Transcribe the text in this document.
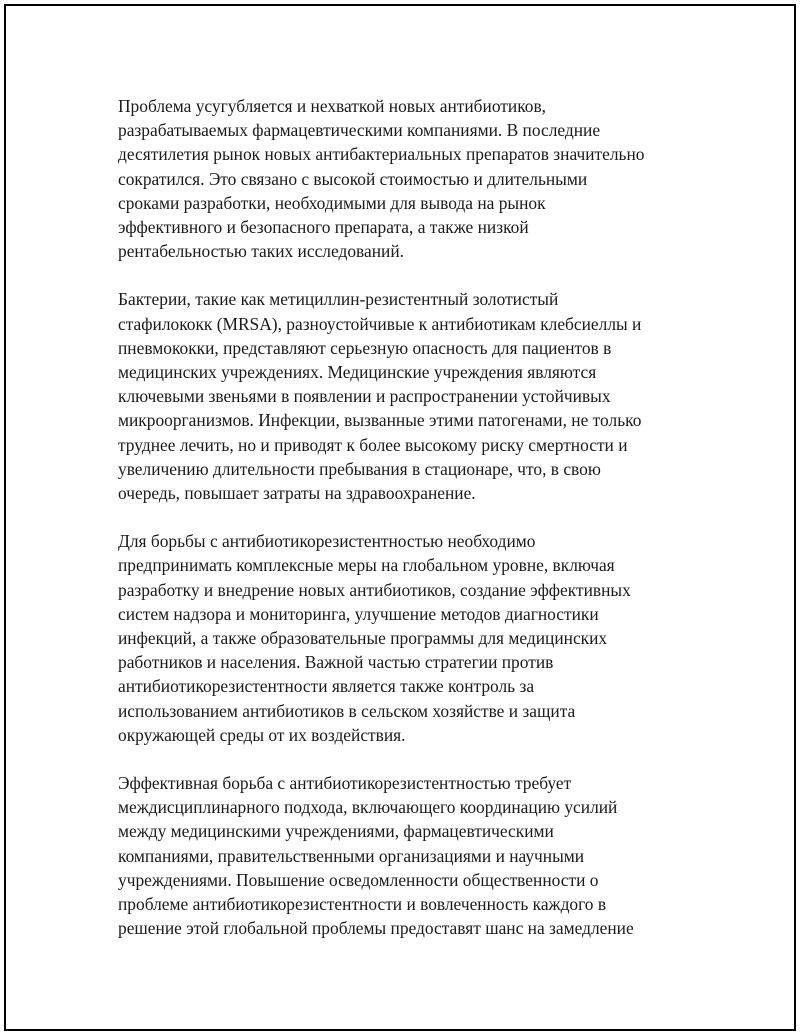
Проблема усугубляется и нехваткой новых антибиотиков,
разрабатываемых фармацевтическими компаниями. В последние
десятилетия рынок новых антибактериальных препаратов значительно
сократился. Это связано с высокой стоимостью и длительными
сроками разработки, необходимыми для вывода на рынок
эффективного и безопасного препарата, а также низкой
рентабельностью таких исследований.

Бактерии, такие как метициллин-резистентный золотистый
стафилококк (MRSA), разноустойчивые к антибиотикам клебсиеллы и
пневмококки, представляют серьезную опасность для пациентов в
медицинских учреждениях. Медицинские учреждения являются
ключевыми звеньями в появлении и распространении устойчивых
микроорганизмов. Инфекции, вызванные этими патогенами, не только
труднее лечить, но и приводят к более высокому риску смертности и
увеличению длительности пребывания в стационаре, что, в свою
очередь, повышает затраты на здравоохранение.

Для борьбы с антибиотикорезистентностью необходимо
предпринимать комплексные меры на глобальном уровне, включая
разработку и внедрение новых антибиотиков, создание эффективных
систем надзора и мониторинга, улучшение методов диагностики
инфекций, а также образовательные программы для медицинских
работников и населения. Важной частью стратегии против
антибиотикорезистентности является также контроль за
использованием антибиотиков в сельском хозяйстве и защита
окружающей среды от их воздействия.

Эффективная борьба с антибиотикорезистентностью требует
междисциплинарного подхода, включающего координацию усилий
между медицинскими учреждениями, фармацевтическими
компаниями, правительственными организациями и научными
учреждениями. Повышение осведомленности общественности о
проблеме антибиотикорезистентности и вовлеченность каждого в
решение этой глобальной проблемы предоставят шанс на замедление
